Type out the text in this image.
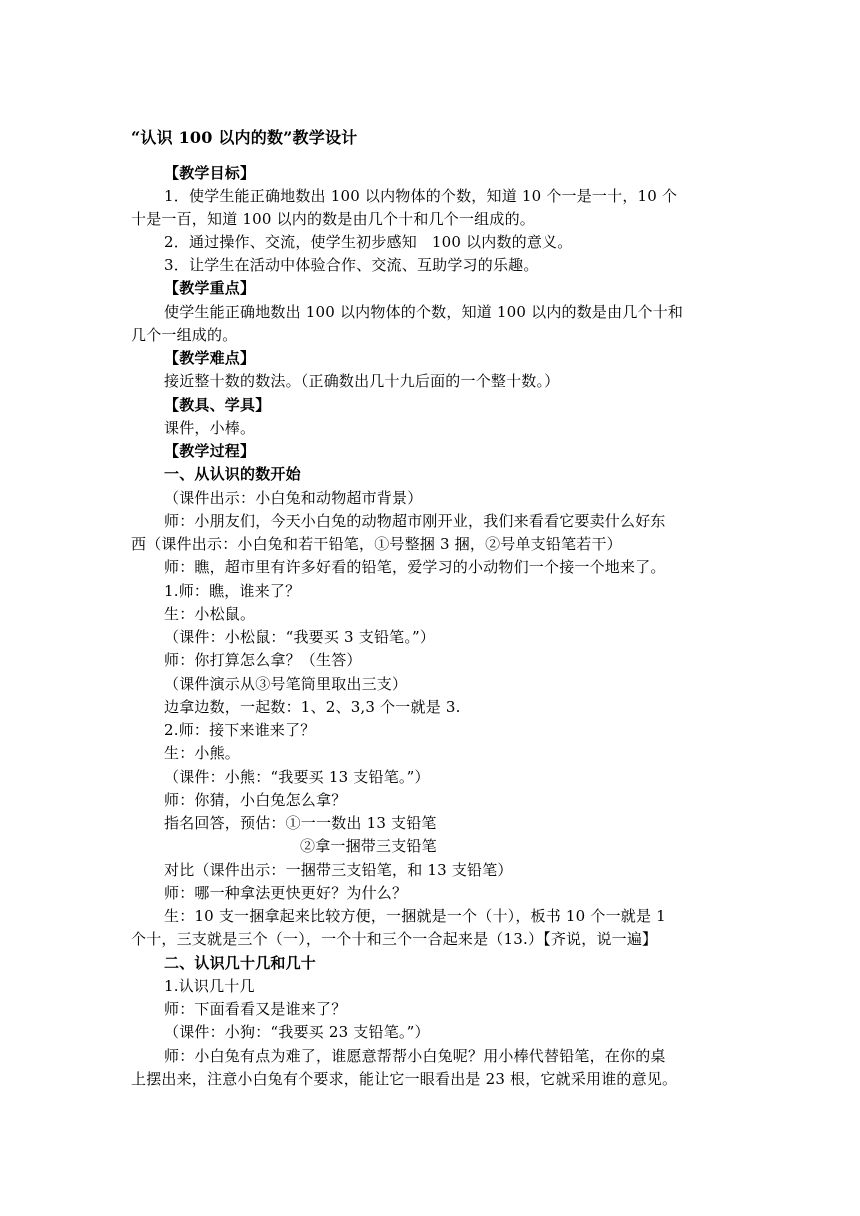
“认识 100 以内的数”教学设计

【教学目标】

1．使学生能正确地数出 100 以内物体的个数，知道 10 个一是一十，10 个

十是一百，知道 100 以内的数是由几个十和几个一组成的。

2．通过操作、交流，使学生初步感知   100 以内数的意义。

3．让学生在活动中体验合作、交流、互助学习的乐趣。

【教学重点】

使学生能正确地数出 100 以内物体的个数，知道 100 以内的数是由几个十和

几个一组成的。

【教学难点】

接近整十数的数法。（正确数出几十九后面的一个整十数。）

【教具、学具】

课件，小棒。

【教学过程】

一、从认识的数开始

（课件出示：小白兔和动物超市背景）

师：小朋友们，今天小白兔的动物超市刚开业，我们来看看它要卖什么好东

西（课件出示：小白兔和若干铅笔，①号整捆 3 捆，②号单支铅笔若干）

师：瞧，超市里有许多好看的铅笔，爱学习的小动物们一个接一个地来了。

1.师：瞧，谁来了？

生：小松鼠。

（课件：小松鼠：“我要买 3 支铅笔。”）

师：你打算怎么拿？（生答）

（课件演示从③号笔筒里取出三支）

边拿边数，一起数：1、2、3,3 个一就是 3.

2.师：接下来谁来了？

生：小熊。

（课件：小熊：“我要买 13 支铅笔。”）

师：你猜，小白兔怎么拿？

指名回答，预估：①一一数出 13 支铅笔

②拿一捆带三支铅笔

对比（课件出示：一捆带三支铅笔，和 13 支铅笔）

师：哪一种拿法更快更好？为什么？

生：10 支一捆拿起来比较方便，一捆就是一个（十），板书 10 个一就是 1

个十，三支就是三个（一），一个十和三个一合起来是（13.）【齐说，说一遍】

二、认识几十几和几十

1.认识几十几

师：下面看看又是谁来了？

（课件：小狗：“我要买 23 支铅笔。”）

师：小白兔有点为难了，谁愿意帮帮小白兔呢？用小棒代替铅笔，在你的桌

上摆出来，注意小白兔有个要求，能让它一眼看出是 23 根，它就采用谁的意见。
